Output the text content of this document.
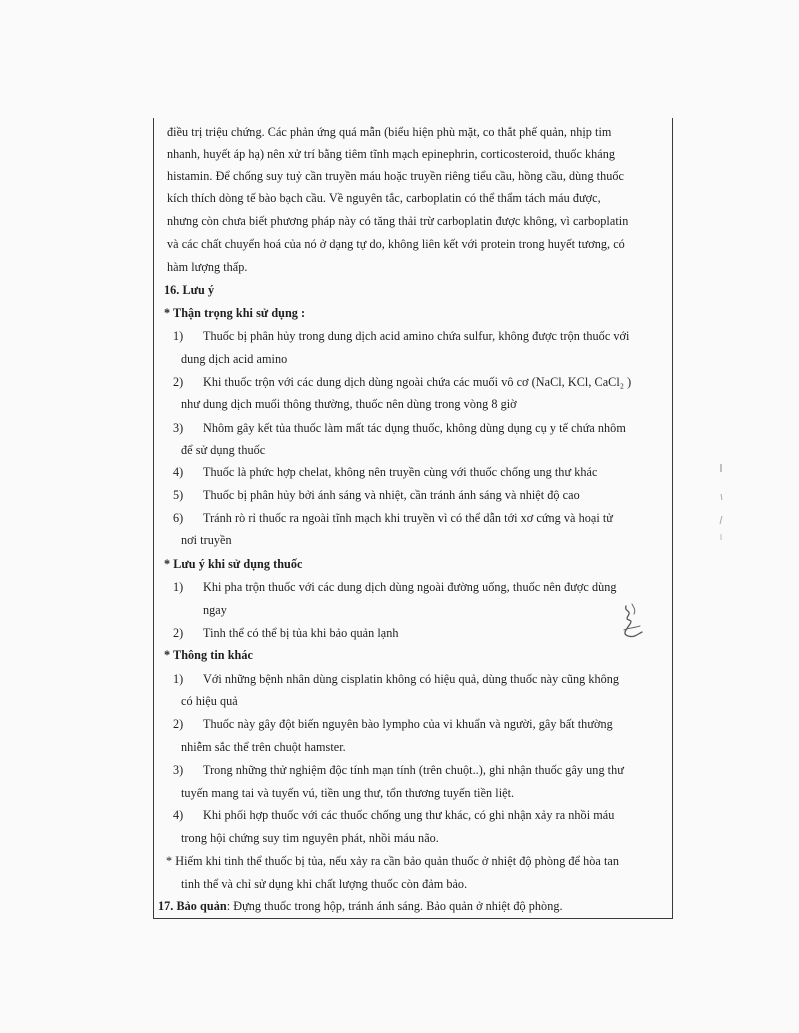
điều trị triệu chứng. Các phản ứng quá mẫn (biểu hiện phù mặt, co thắt phế quản, nhịp tim
nhanh, huyết áp hạ) nên xử trí bằng tiêm tĩnh mạch epinephrin, corticosteroid, thuốc kháng
histamin. Để chống suy tuỷ cần truyền máu hoặc truyền riêng tiểu cầu, hồng cầu, dùng thuốc
kích thích dòng tế bào bạch cầu. Về nguyên tắc, carboplatin có thể thẩm tách máu được,
nhưng còn chưa biết phương pháp này có tăng thải trừ carboplatin được không, vì carboplatin
và các chất chuyển hoá của nó ở dạng tự do, không liên kết với protein trong huyết tương, có
hàm lượng thấp.
16. Lưu ý
* Thận trọng khi sử dụng :
1) Thuốc bị phân hủy trong dung dịch acid amino chứa sulfur, không được trộn thuốc với
dung dịch acid amino
2) Khi thuốc trộn với các dung dịch dùng ngoài chứa các muối vô cơ (NaCl, KCl, CaCl₂ )
như dung dịch muối thông thường, thuốc nên dùng trong vòng 8 giờ
3) Nhôm gây kết tủa thuốc làm mất tác dụng thuốc, không dùng dụng cụ y tế chứa nhôm
để sử dụng thuốc
4) Thuốc là phức hợp chelat, không nên truyền cùng với thuốc chống ung thư khác
5) Thuốc bị phân hủy bởi ánh sáng và nhiệt, cần tránh ánh sáng và nhiệt độ cao
6) Tránh rò rỉ thuốc ra ngoài tĩnh mạch khi truyền vì có thể dẫn tới xơ cứng và hoại tử
nơi truyền
* Lưu ý khi sử dụng thuốc
1) Khi pha trộn thuốc với các dung dịch dùng ngoài đường uống, thuốc nên được dùng
ngay
2) Tinh thể có thể bị tủa khi bảo quản lạnh
* Thông tin khác
1) Với những bệnh nhân dùng cisplatin không có hiệu quả, dùng thuốc này cũng không
có hiệu quả
2) Thuốc này gây đột biến nguyên bào lympho của vi khuẩn và người, gây bất thường
nhiễm sắc thể trên chuột hamster.
3) Trong những thử nghiệm độc tính mạn tính (trên chuột..), ghi nhận thuốc gây ung thư
tuyến mang tai và tuyến vú, tiền ung thư, tổn thương tuyến tiền liệt.
4) Khi phối hợp thuốc với các thuốc chống ung thư khác, có ghi nhận xảy ra nhồi máu
trong hội chứng suy tim nguyên phát, nhồi máu não.
* Hiếm khi tinh thể thuốc bị tủa, nếu xảy ra cần bảo quản thuốc ở nhiệt độ phòng để hòa tan
tinh thể và chỉ sử dụng khi chất lượng thuốc còn đảm bảo.
17. Bảo quản: Đựng thuốc trong hộp, tránh ánh sáng. Bảo quản ở nhiệt độ phòng.
